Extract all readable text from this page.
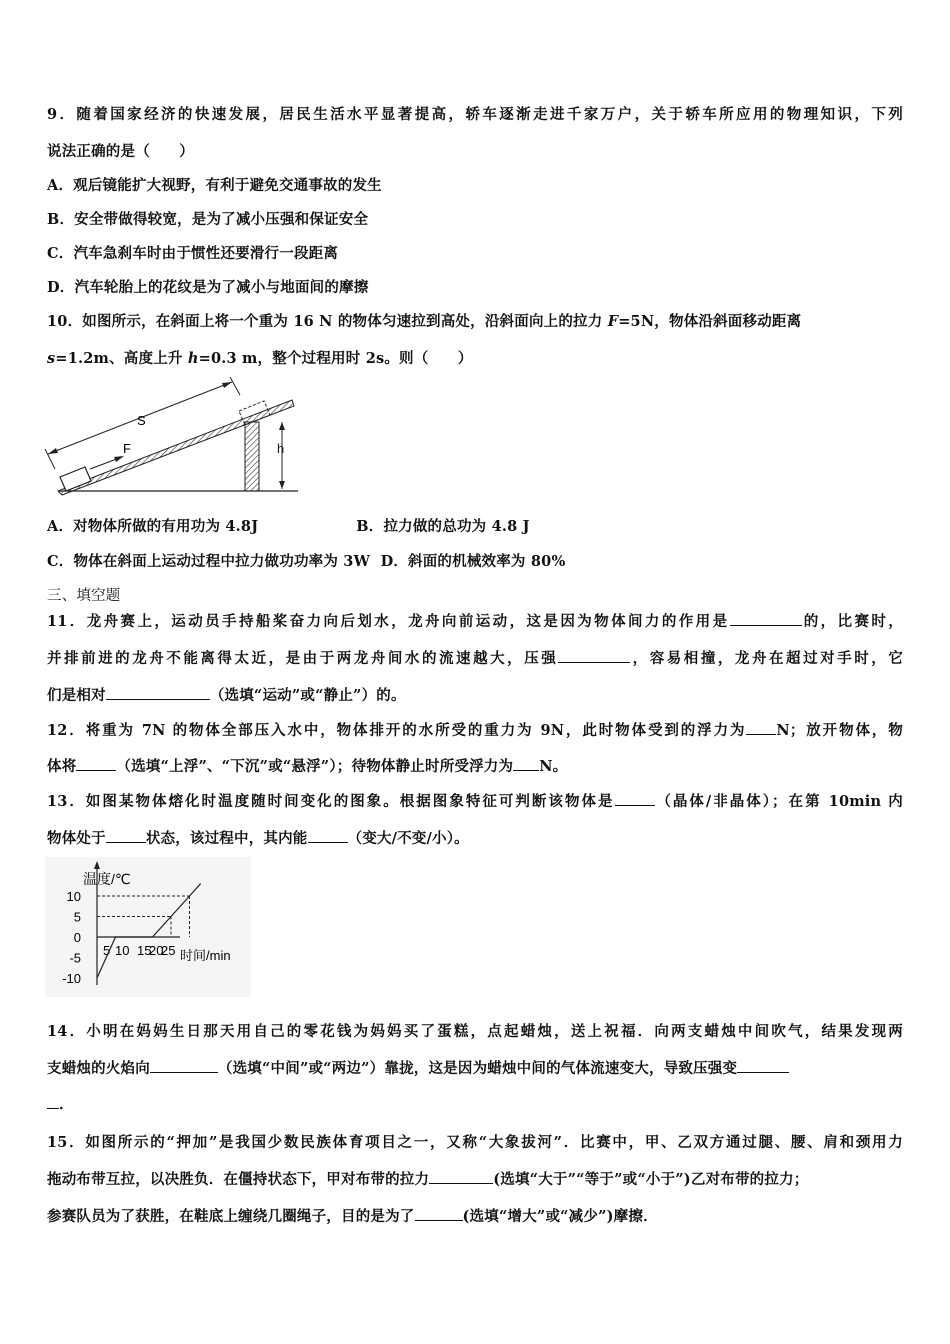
9．随着国家经济的快速发展，居民生活水平显著提高，轿车逐渐走进千家万户，关于轿车所应用的物理知识，下列
说法正确的是（　　）
A．观后镜能扩大视野，有利于避免交通事故的发生
B．安全带做得较宽，是为了减小压强和保证安全
C．汽车急刹车时由于惯性还要滑行一段距离
D．汽车轮胎上的花纹是为了减小与地面间的摩擦
10．如图所示，在斜面上将一个重为 16 N 的物体匀速拉到高处，沿斜面向上的拉力 F=5N，物体沿斜面移动距离
s=1.2m、高度上升 h=0.3 m，整个过程用时 2s。则（　　）
S
F	h
A．对物体所做的有用功为 4.8J	B．拉力做的总功为 4.8 J
C．物体在斜面上运动过程中拉力做功功率为 3W D．斜面的机械效率为 80%
三、填空题
11．龙舟赛上，运动员手持船桨奋力向后划水，龙舟向前运动，这是因为物体间力的作用是	的，比赛时，
并排前进的龙舟不能离得太近，是由于两龙舟间水的流速越大，压强	，容易相撞，龙舟在超过对手时，它
们是相对	（选填“运动”或“静止”）的。
12．将重为 7N 的物体全部压入水中，物体排开的水所受的重力为 9N，此时物体受到的浮力为 N；放开物体，物
体将	（选填“上浮”、“下沉”或“悬浮”）；待物体静止时所受浮力为 N。
13．如图某物体熔化时温度随时间变化的图象。根据图象特征可判断该物体是	（晶体/非晶体）；在第 10min 内
物体处于	状态，该过程中，其内能	（变大/不变/小）。
温度/℃
时间/min
10
5
0
-5
-10
5 10 15
20
25
14．小明在妈妈生日那天用自己的零花钱为妈妈买了蛋糕，点起蜡烛，送上祝福．向两支蜡烛中间吹气，结果发现两
支蜡烛的火焰向	（选填“中间”或“两边”）靠拢，这是因为蜡烛中间的气体流速变大，导致压强变
．
15．如图所示的“押加”是我国少数民族体育项目之一，又称“大象拔河”．比赛中，甲、乙双方通过腿、腰、肩和颈用力
拖动布带互拉，以决胜负．在僵持状态下，甲对布带的拉力	(选填“大于”“等于”或“小于”)乙对布带的拉力；
参赛队员为了获胜，在鞋底上缠绕几圈绳子，目的是为了	(选填“增大”或“减少”)摩擦．
